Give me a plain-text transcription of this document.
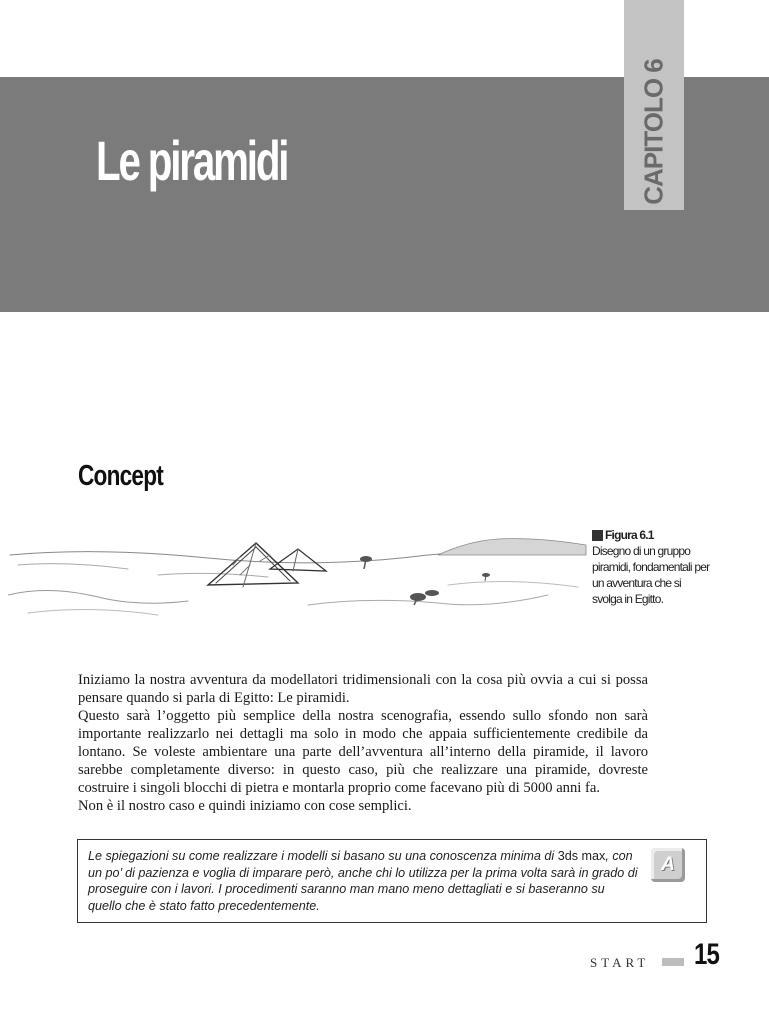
Le piramidi	CAPITOLO 6
Concept
Figura 6.1
Disegno di un gruppo piramidi, fondamentali per un avventura che si svolga in Egitto.

Iniziamo la nostra avventura da modellatori tridimensionali con la cosa più ovvia a cui si possa pensare quando si parla di Egitto: Le piramidi.

Questo sarà l’oggetto più semplice della nostra scenografia, essendo sullo sfondo non sarà importante realizzarlo nei dettagli ma solo in modo che appaia sufficientemente credibile da lontano. Se voleste ambientare una parte dell’avventura all’interno della piramide, il lavoro sarebbe completamente diverso: in questo caso, più che realizzare una piramide, dovreste costruire i singoli blocchi di pietra e montarla proprio come facevano più di 5000 anni fa.

Non è il nostro caso e quindi iniziamo con cose semplici.

Le spiegazioni su come realizzare i modelli si basano su una conoscenza minima di 3ds max, con un po’ di pazienza e voglia di imparare però, anche chi lo utilizza per la prima volta sarà in grado di proseguire con i lavori. I procedimenti saranno man mano meno dettagliati e si baseranno su quello che è stato fatto precedentemente.
A
START 15
